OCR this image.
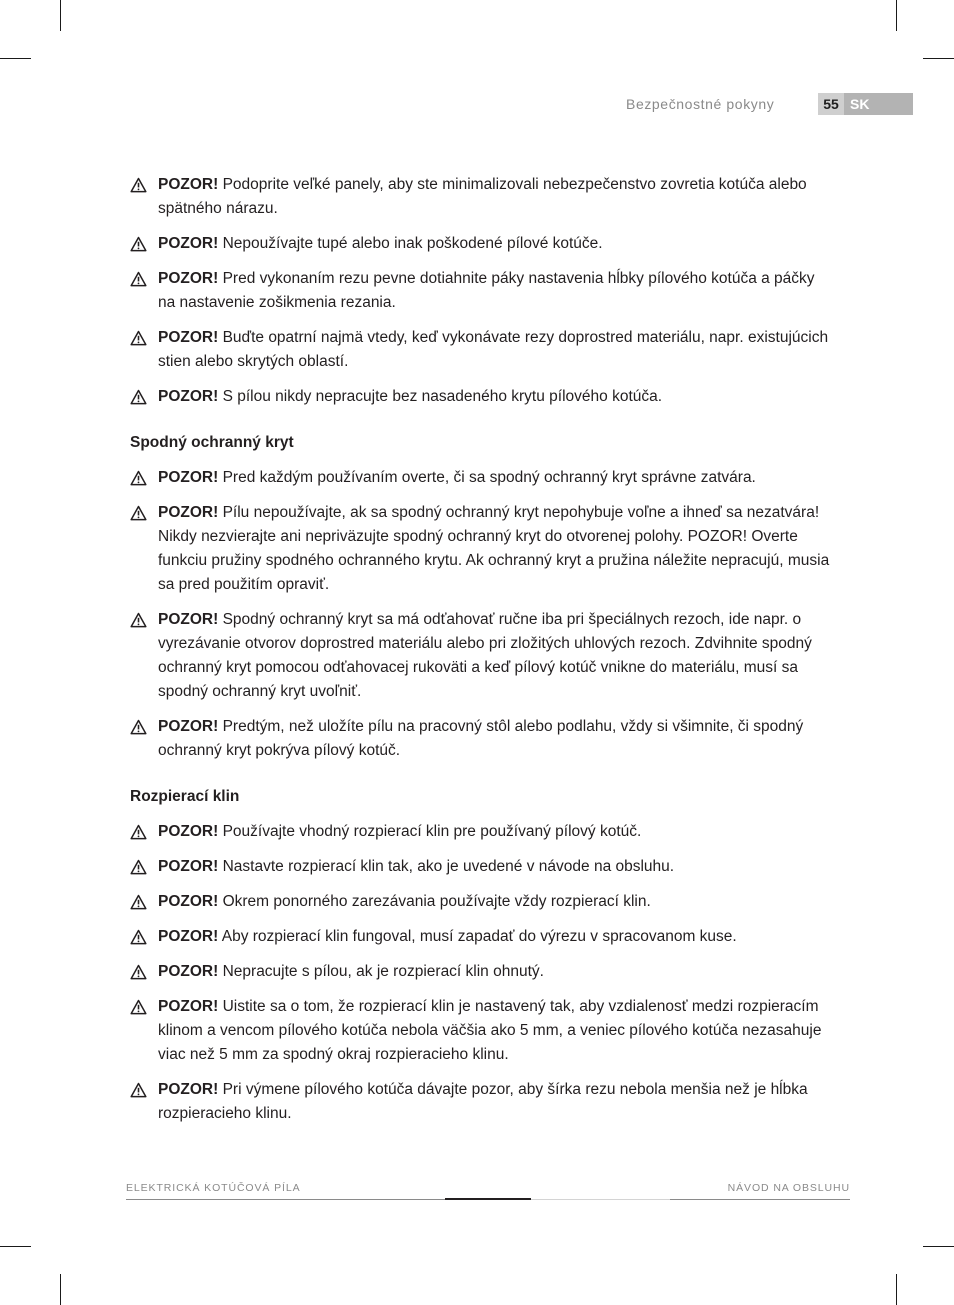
Bezpečnostné pokyny	55 SK
POZOR! Podoprite veľké panely, aby ste minimalizovali nebezpečenstvo zovretia kotúča alebo spätného nárazu.
POZOR! Nepoužívajte tupé alebo inak poškodené pílové kotúče.
POZOR! Pred vykonaním rezu pevne dotiahnite páky nastavenia hĺbky pílového kotúča a páčky na nastavenie zošikmenia rezania.
POZOR! Buďte opatrní najmä vtedy, keď vykonávate rezy doprostred materiálu, napr. existujúcich stien alebo skrytých oblastí.
POZOR! S pílou nikdy nepracujte bez nasadeného krytu pílového kotúča.
Spodný ochranný kryt
POZOR! Pred každým používaním overte, či sa spodný ochranný kryt správne zatvára.
POZOR! Pílu nepoužívajte, ak sa spodný ochranný kryt nepohybuje voľne a ihneď sa nezatvára! Nikdy nezvierajte ani nepriväzujte spodný ochranný kryt do otvorenej polohy. POZOR! Overte funkciu pružiny spodného ochranného krytu. Ak ochranný kryt a pružina náležite nepracujú, musia sa pred použitím opraviť.
POZOR! Spodný ochranný kryt sa má odťahovať ručne iba pri špeciálnych rezoch, ide napr. o vyrezávanie otvorov doprostred materiálu alebo pri zložitých uhlových rezoch. Zdvihnite spodný ochranný kryt pomocou odťahovacej rukoväti a keď pílový kotúč vnikne do materiálu, musí sa spodný ochranný kryt uvoľniť.
POZOR! Predtým, než uložíte pílu na pracovný stôl alebo podlahu, vždy si všimnite, či spodný ochranný kryt pokrýva pílový kotúč.
Rozpierací klin
POZOR! Používajte vhodný rozpierací klin pre používaný pílový kotúč.
POZOR! Nastavte rozpierací klin tak, ako je uvedené v návode na obsluhu.
POZOR! Okrem ponorného zarezávania používajte vždy rozpierací klin.
POZOR! Aby rozpierací klin fungoval, musí zapadať do výrezu v spracovanom kuse.
POZOR! Nepracujte s pílou, ak je rozpierací klin ohnutý.
POZOR! Uistite sa o tom, že rozpierací klin je nastavený tak, aby vzdialenosť medzi rozpieracím klinom a vencom pílového kotúča nebola väčšia ako 5 mm, a veniec pílového kotúča nezasahuje viac než 5 mm za spodný okraj rozpieracieho klinu.
POZOR! Pri výmene pílového kotúča dávajte pozor, aby šírka rezu nebola menšia než je hĺbka rozpieracieho klinu.
ELEKTRICKÁ KOTÚČOVÁ PÍLA	NÁVOD NA OBSLUHU
